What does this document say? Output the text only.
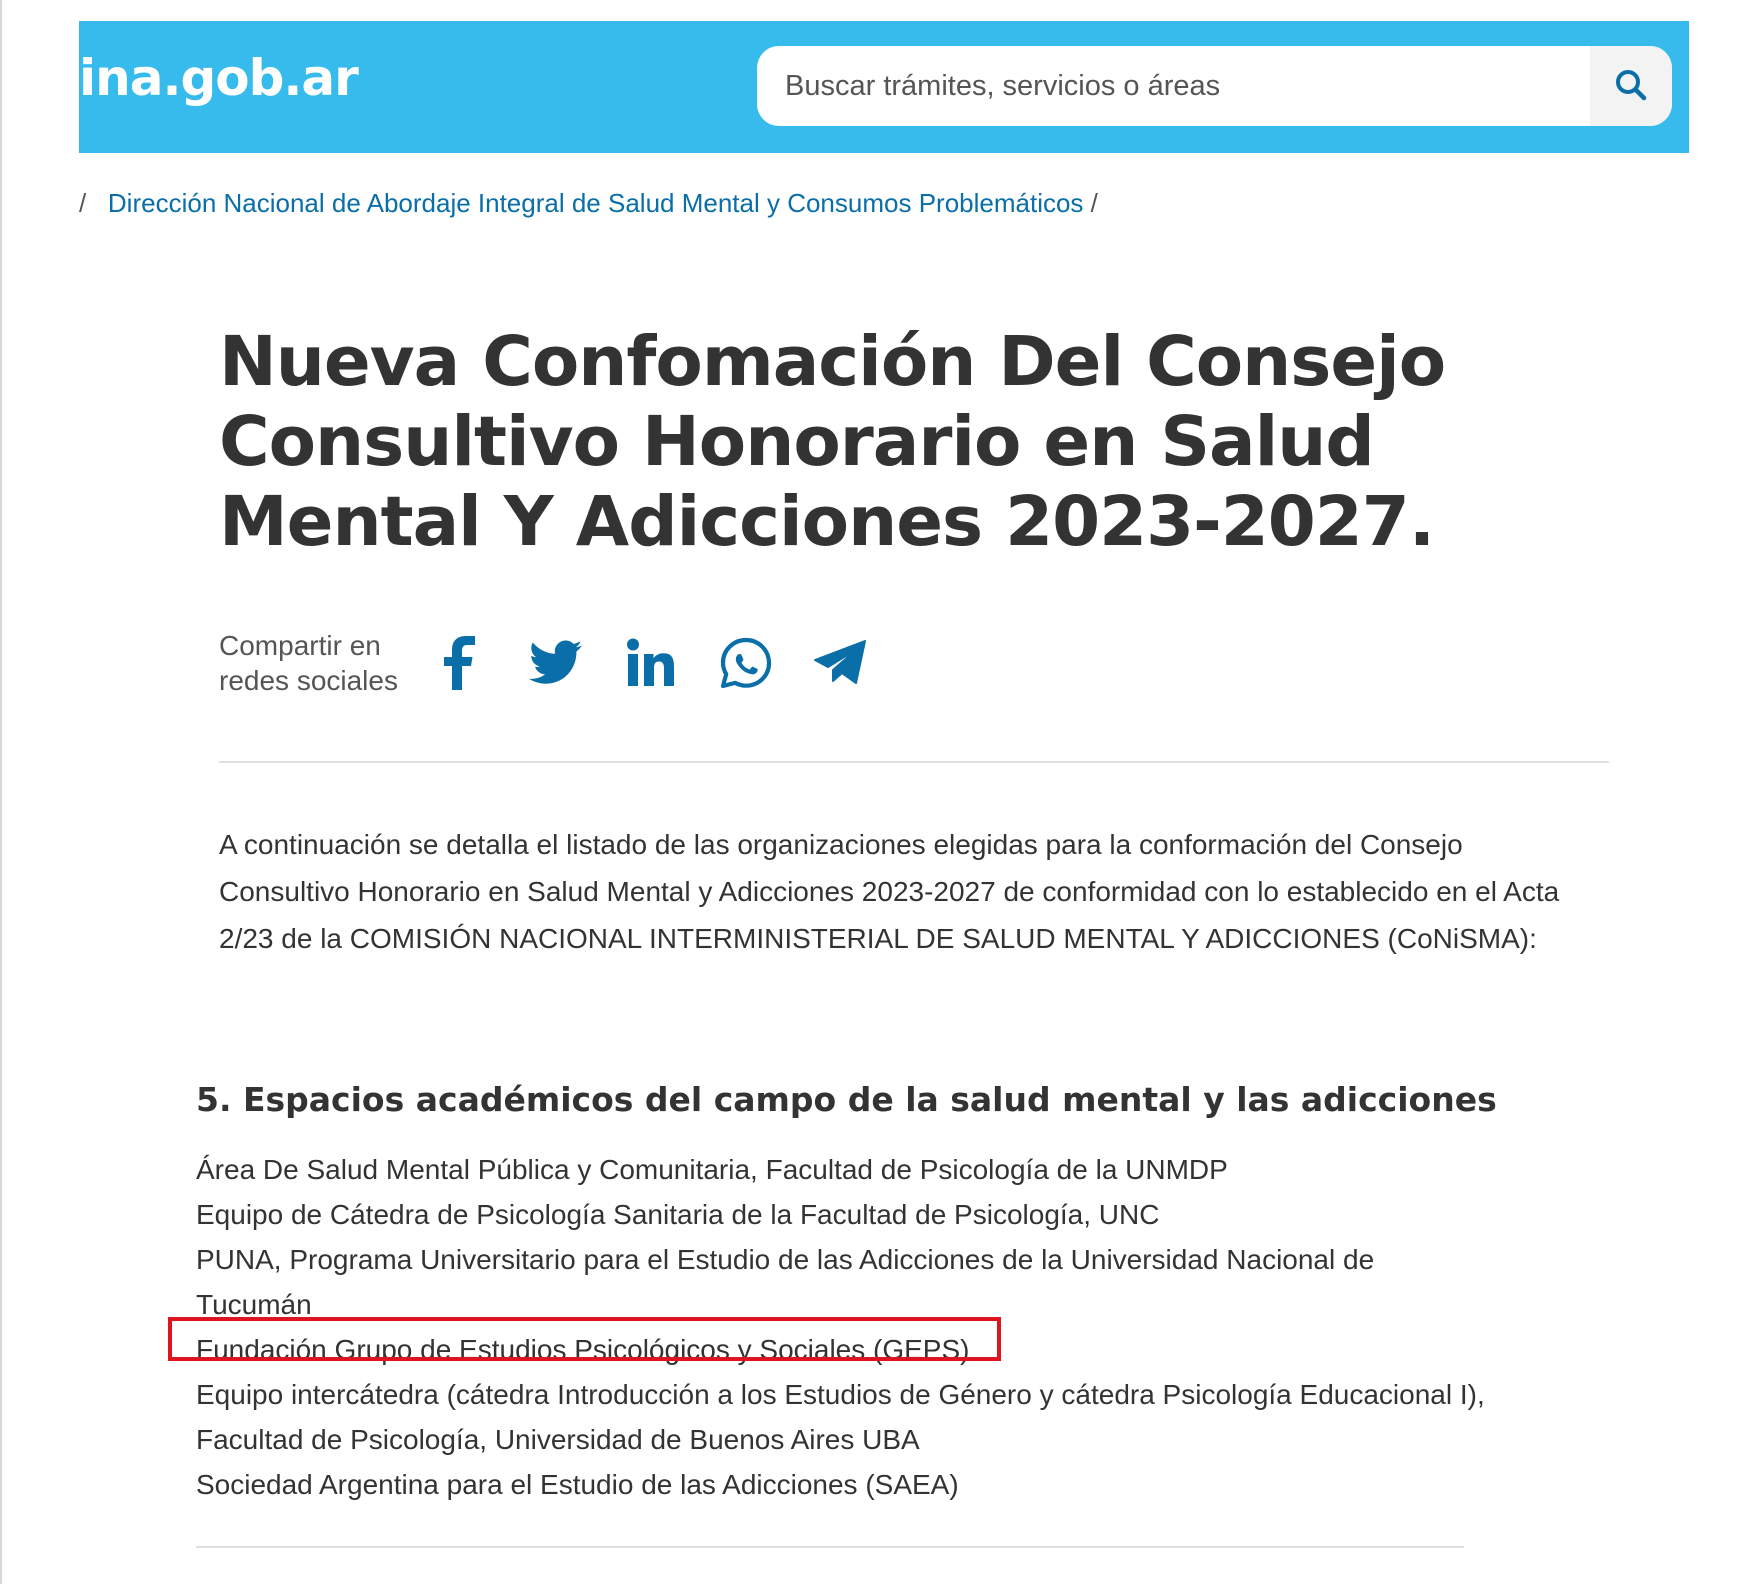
ina.gob.ar
Buscar trámites, servicios o áreas
/ Dirección Nacional de Abordaje Integral de Salud Mental y Consumos Problemáticos /
Nueva Confomación Del Consejo Consultivo Honorario en Salud Mental Y Adicciones 2023-2027.
Compartir en redes sociales

A continuación se detalla el listado de las organizaciones elegidas para la conformación del Consejo Consultivo Honorario en Salud Mental y Adicciones 2023-2027 de conformidad con lo establecido en el Acta 2/23 de la COMISIÓN NACIONAL INTERMINISTERIAL DE SALUD MENTAL Y ADICCIONES (CoNiSMA):

5. Espacios académicos del campo de la salud mental y las adicciones
Área De Salud Mental Pública y Comunitaria, Facultad de Psicología de la UNMDP
Equipo de Cátedra de Psicología Sanitaria de la Facultad de Psicología, UNC
PUNA, Programa Universitario para el Estudio de las Adicciones de la Universidad Nacional de Tucumán
Fundación Grupo de Estudios Psicológicos y Sociales (GEPS)
Equipo intercátedra (cátedra Introducción a los Estudios de Género y cátedra Psicología Educacional I), Facultad de Psicología, Universidad de Buenos Aires UBA
Sociedad Argentina para el Estudio de las Adicciones (SAEA)
